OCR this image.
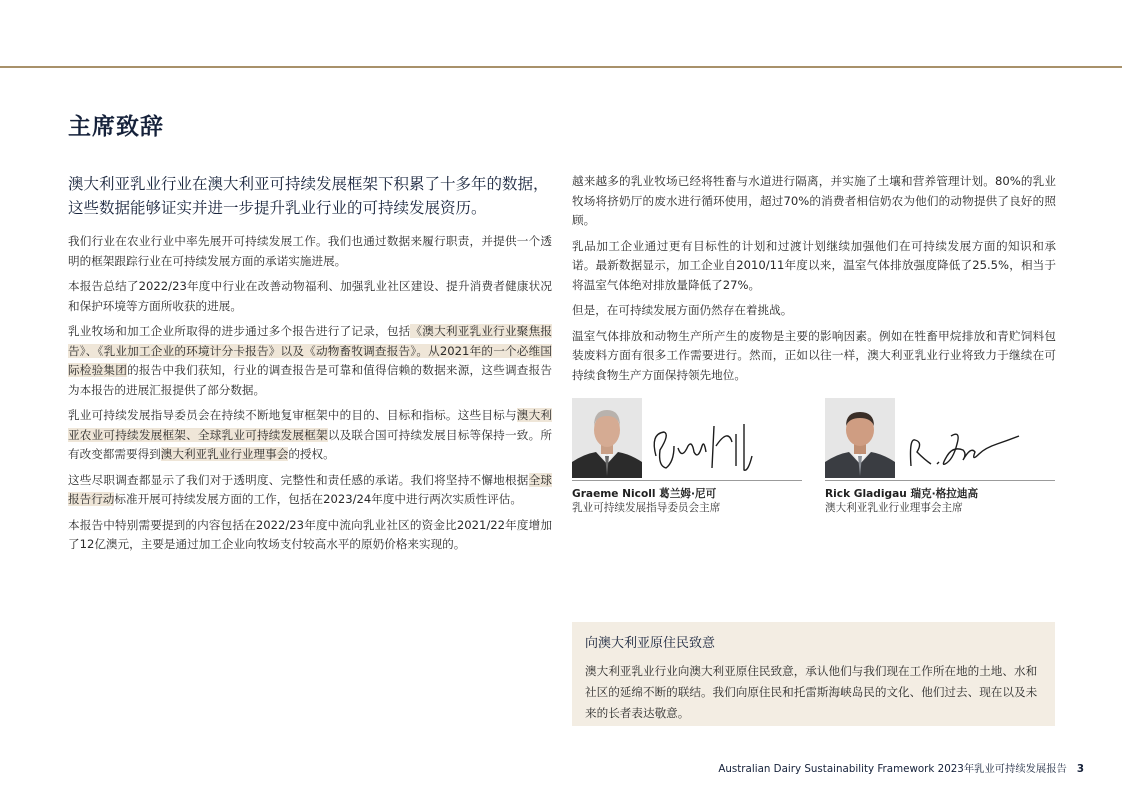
主席致辞

澳大利亚乳业行业在澳大利亚可持续发展框架下积累了十多年的数据，这些数据能够证实并进一步提升乳业行业的可持续发展资历。

我们行业在农业行业中率先展开可持续发展工作。我们也通过数据来履行职责，并提供一个透明的框架跟踪行业在可持续发展方面的承诺实施进展。

本报告总结了2022/23年度中行业在改善动物福利、加强乳业社区建设、提升消费者健康状况和保护环境等方面所收获的进展。

乳业牧场和加工企业所取得的进步通过多个报告进行了记录，包括《澳大利亚乳业行业聚焦报告》、《乳业加工企业的环境计分卡报告》以及《动物畜牧调查报告》。从2021年的一个必维国际检验集团的报告中我们获知，行业的调查报告是可靠和值得信赖的数据来源，这些调查报告为本报告的进展汇报提供了部分数据。

乳业可持续发展指导委员会在持续不断地复审框架中的目的、目标和指标。这些目标与澳大利亚农业可持续发展框架、全球乳业可持续发展框架以及联合国可持续发展目标等保持一致。所有改变都需要得到澳大利亚乳业行业理事会的授权。

这些尽职调查都显示了我们对于透明度、完整性和责任感的承诺。我们将坚持不懈地根据全球报告行动标准开展可持续发展方面的工作，包括在2023/24年度中进行两次实质性评估。

本报告中特别需要提到的内容包括在2022/23年度中流向乳业社区的资金比2021/22年度增加了12亿澳元，主要是通过加工企业向牧场支付较高水平的原奶价格来实现的。

越来越多的乳业牧场已经将牲畜与水道进行隔离，并实施了土壤和营养管理计划。80%的乳业牧场将挤奶厅的废水进行循环使用，超过70%的消费者相信奶农为他们的动物提供了良好的照顾。

乳品加工企业通过更有目标性的计划和过渡计划继续加强他们在可持续发展方面的知识和承诺。最新数据显示，加工企业自2010/11年度以来，温室气体排放强度降低了25.5%，相当于将温室气体绝对排放量降低了27%。

但是，在可持续发展方面仍然存在着挑战。

温室气体排放和动物生产所产生的废物是主要的影响因素。例如在牲畜甲烷排放和青贮饲料包装废料方面有很多工作需要进行。然而，正如以往一样，澳大利亚乳业行业将致力于继续在可持续食物生产方面保持领先地位。

Graeme Nicoll 葛兰姆·尼可
乳业可持续发展指导委员会主席
Rick Gladigau 瑞克·格拉迪高
澳大利亚乳业行业理事会主席
向澳大利亚原住民致意
澳大利亚乳业行业向澳大利亚原住民致意，承认他们与我们现在工作所在地的土地、水和社区的延绵不断的联结。我们向原住民和托雷斯海峡岛民的文化、他们过去、现在以及未来的长者表达敬意。
Australian Dairy Sustainability Framework 2023年乳业可持续发展报告 3
